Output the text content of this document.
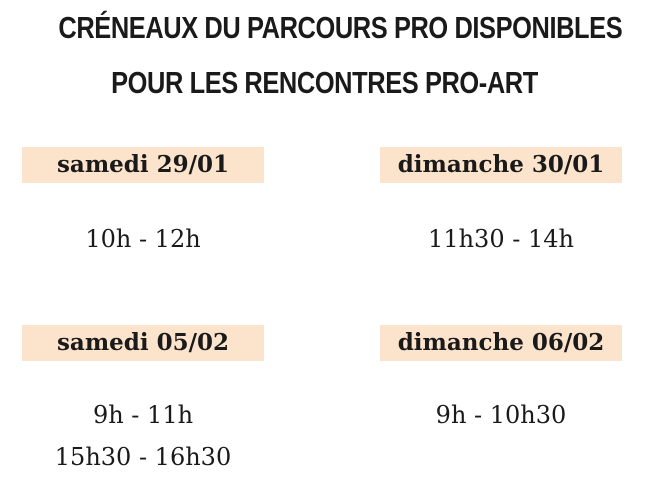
CRÉNEAUX DU PARCOURS PRO DISPONIBLES
POUR LES RENCONTRES PRO-ART
samedi 29/01
10h - 12h
dimanche 30/01
11h30 - 14h
samedi 05/02
9h - 11h
15h30 - 16h30
dimanche 06/02
9h - 10h30
